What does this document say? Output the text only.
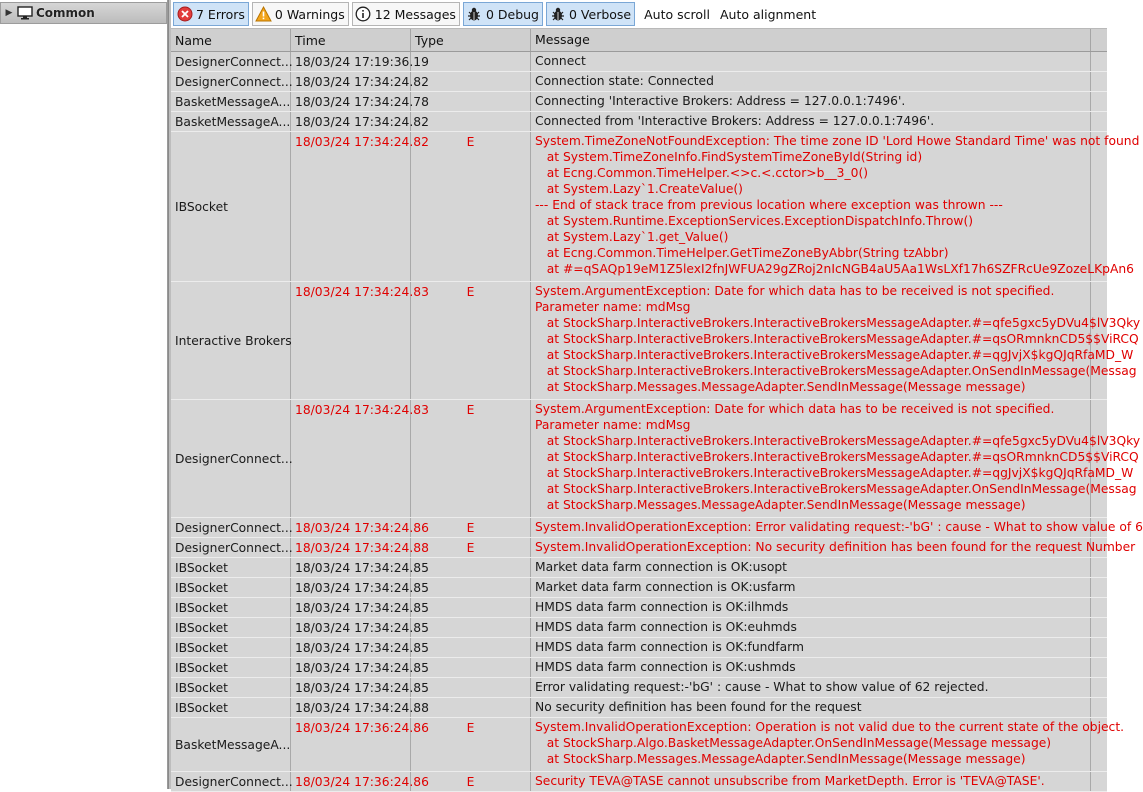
▶	Common	7 Errors 0 Warnings 12 Messages 0 Debug 0 Verbose Auto scroll Auto alignment
Name	Time	Type	Message
DesignerConnect... 18/03/24 17:19:36.19	Connect
DesignerConnect... 18/03/24 17:34:24.82	Connection state: Connected
BasketMessageA... 18/03/24 17:34:24.78	Connecting 'Interactive Brokers: Address = 127.0.0.1:7496'.
BasketMessageA... 18/03/24 17:34:24.82	Connected from 'Interactive Brokers: Address = 127.0.0.1:7496'.
IBSocket
18/03/24 17:34:24.82	E	System.TimeZoneNotFoundException: The time zone ID 'Lord Howe Standard Time' was not found
at System.TimeZoneInfo.FindSystemTimeZoneById(String id)
at Ecng.Common.TimeHelper.<>c.<.cctor>b__3_0()
at System.Lazy`1.CreateValue()
--- End of stack trace from previous location where exception was thrown ---
at System.Runtime.ExceptionServices.ExceptionDispatchInfo.Throw()
at System.Lazy`1.get_Value()
at Ecng.Common.TimeHelper.GetTimeZoneByAbbr(String tzAbbr)
at #=qSAQp19eM1Z5lexI2fnJWFUA29gZRoj2nIcNGB4aU5Aa1WsLXf17h6SZFRcUe9ZozeLKpAn6
Interactive Brokers
18/03/24 17:34:24.83	E	System.ArgumentException: Date for which data has to be received is not specified.
Parameter name: mdMsg
at StockSharp.InteractiveBrokers.InteractiveBrokersMessageAdapter.#=qfe5gxc5yDVu4$lV3Qky
at StockSharp.InteractiveBrokers.InteractiveBrokersMessageAdapter.#=qsORmnknCD5$$ViRCQ
at StockSharp.InteractiveBrokers.InteractiveBrokersMessageAdapter.#=qgJvjX$kgQJqRfaMD_W
at StockSharp.InteractiveBrokers.InteractiveBrokersMessageAdapter.OnSendInMessage(Messag
at StockSharp.Messages.MessageAdapter.SendInMessage(Message message)
DesignerConnect...
18/03/24 17:34:24.83	E	System.ArgumentException: Date for which data has to be received is not specified.
Parameter name: mdMsg
at StockSharp.InteractiveBrokers.InteractiveBrokersMessageAdapter.#=qfe5gxc5yDVu4$lV3Qky
at StockSharp.InteractiveBrokers.InteractiveBrokersMessageAdapter.#=qsORmnknCD5$$ViRCQ
at StockSharp.InteractiveBrokers.InteractiveBrokersMessageAdapter.#=qgJvjX$kgQJqRfaMD_W
at StockSharp.InteractiveBrokers.InteractiveBrokersMessageAdapter.OnSendInMessage(Messag
at StockSharp.Messages.MessageAdapter.SendInMessage(Message message)
DesignerConnect... 18/03/24 17:34:24.86	E	System.InvalidOperationException: Error validating request:-'bG' : cause - What to show value of 6
DesignerConnect... 18/03/24 17:34:24.88	E	System.InvalidOperationException: No security definition has been found for the request Number
IBSocket	18/03/24 17:34:24.85	Market data farm connection is OK:usopt
IBSocket	18/03/24 17:34:24.85	Market data farm connection is OK:usfarm
IBSocket	18/03/24 17:34:24.85	HMDS data farm connection is OK:ilhmds
IBSocket	18/03/24 17:34:24.85	HMDS data farm connection is OK:euhmds
IBSocket	18/03/24 17:34:24.85	HMDS data farm connection is OK:fundfarm
IBSocket	18/03/24 17:34:24.85	HMDS data farm connection is OK:ushmds
IBSocket	18/03/24 17:34:24.85	Error validating request:-'bG' : cause - What to show value of 62 rejected.
IBSocket	18/03/24 17:34:24.88	No security definition has been found for the request
BasketMessageA...
18/03/24 17:36:24.86	E	System.InvalidOperationException: Operation is not valid due to the current state of the object.
at StockSharp.Algo.BasketMessageAdapter.OnSendInMessage(Message message)
at StockSharp.Messages.MessageAdapter.SendInMessage(Message message)
DesignerConnect... 18/03/24 17:36:24.86	E	Security TEVA@TASE cannot unsubscribe from MarketDepth. Error is 'TEVA@TASE'.
